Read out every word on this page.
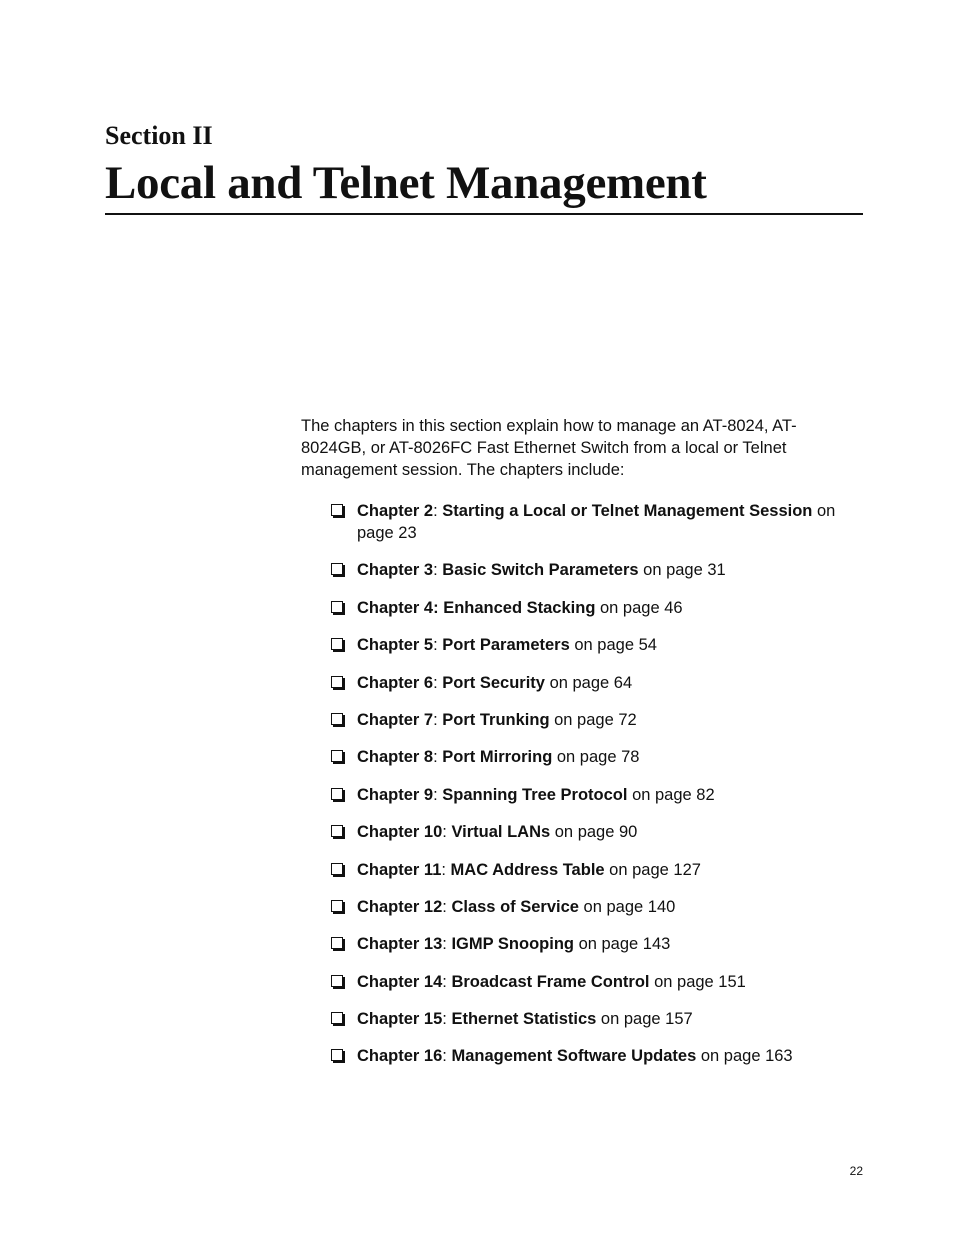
Section II
Local and Telnet Management

The chapters in this section explain how to manage an AT-8024, AT-8024GB, or AT-8026FC Fast Ethernet Switch from a local or Telnet management session. The chapters include:

Chapter 2: Starting a Local or Telnet Management Session on page 23
Chapter 3: Basic Switch Parameters on page 31
Chapter 4: Enhanced Stacking on page 46
Chapter 5: Port Parameters on page 54
Chapter 6: Port Security on page 64
Chapter 7: Port Trunking on page 72
Chapter 8: Port Mirroring on page 78
Chapter 9: Spanning Tree Protocol on page 82
Chapter 10: Virtual LANs on page 90
Chapter 11: MAC Address Table on page 127
Chapter 12: Class of Service on page 140
Chapter 13: IGMP Snooping on page 143
Chapter 14: Broadcast Frame Control on page 151
Chapter 15: Ethernet Statistics on page 157
Chapter 16: Management Software Updates on page 163

22
